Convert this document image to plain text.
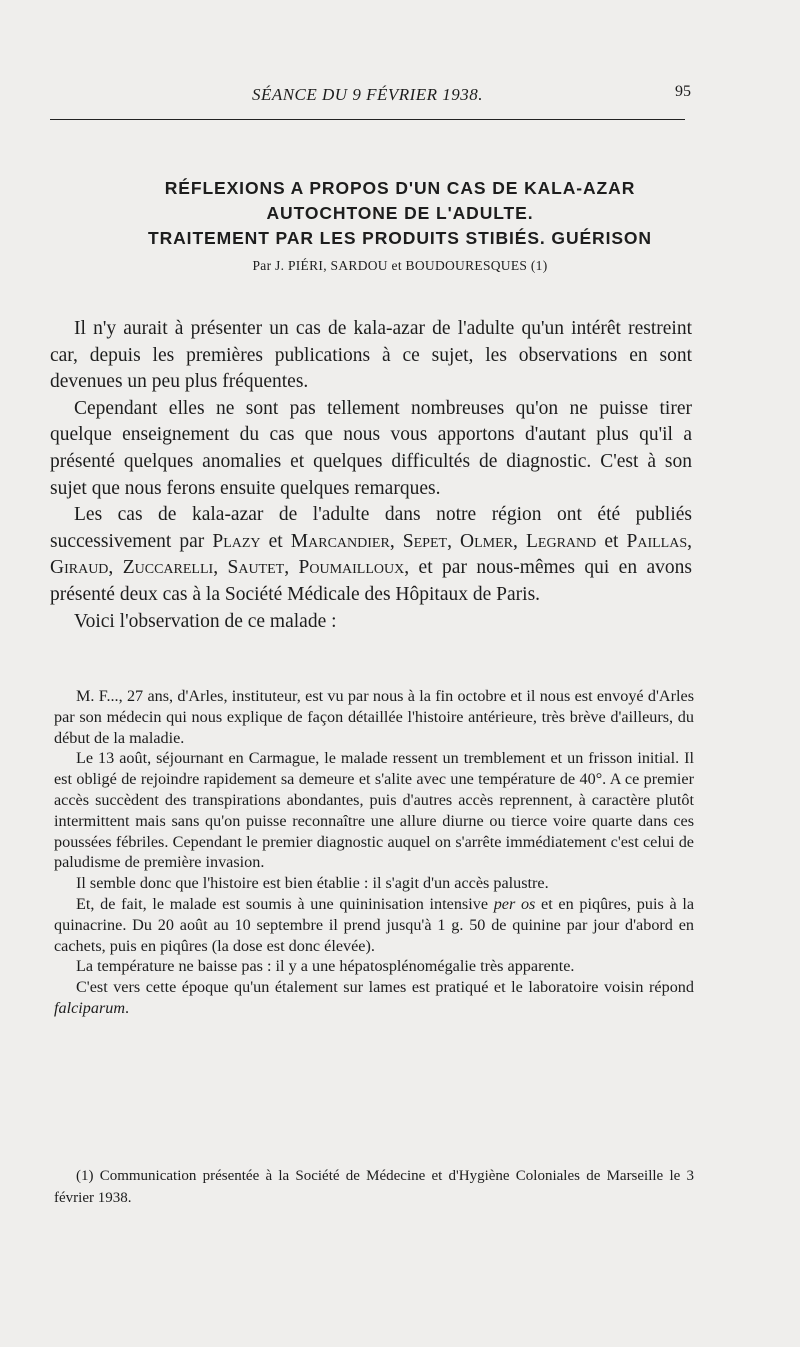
SÉANCE DU 9 FÉVRIER 1938.	95
RÉFLEXIONS A PROPOS D'UN CAS DE KALA-AZAR
AUTOCHTONE DE L'ADULTE.
TRAITEMENT PAR LES PRODUITS STIBIÉS. GUÉRISON
Par J. PIÉRI, SARDOU et BOUDOURESQUES (1)

Il n'y aurait à présenter un cas de kala-azar de l'adulte qu'un intérêt restreint car, depuis les premières publications à ce sujet, les observations en sont devenues un peu plus fréquentes.

Cependant elles ne sont pas tellement nombreuses qu'on ne puisse tirer quelque enseignement du cas que nous vous apportons d'autant plus qu'il a présenté quelques anomalies et quelques difficultés de diagnostic. C'est à son sujet que nous ferons ensuite quelques remarques.

Les cas de kala-azar de l'adulte dans notre région ont été publiés successivement par Plazy et Marcandier, Sepet, Olmer, Legrand et Paillas, Giraud, Zuccarelli, Sautet, Poumailloux, et par nous-mêmes qui en avons présenté deux cas à la Société Médicale des Hôpitaux de Paris.

Voici l'observation de ce malade :

M. F..., 27 ans, d'Arles, instituteur, est vu par nous à la fin octobre et il nous est envoyé d'Arles par son médecin qui nous explique de façon détaillée l'histoire antérieure, très brève d'ailleurs, du début de la maladie.

Le 13 août, séjournant en Carmague, le malade ressent un tremblement et un frisson initial. Il est obligé de rejoindre rapidement sa demeure et s'alite avec une température de 40°. A ce premier accès succèdent des transpirations abondantes, puis d'autres accès reprennent, à caractère plutôt intermittent mais sans qu'on puisse reconnaître une allure diurne ou tierce voire quarte dans ces poussées fébriles. Cependant le premier diagnostic auquel on s'arrête immédiatement c'est celui de paludisme de première invasion.

Il semble donc que l'histoire est bien établie : il s'agit d'un accès palustre.

Et, de fait, le malade est soumis à une quininisation intensive per os et en piqûres, puis à la quinacrine. Du 20 août au 10 septembre il prend jusqu'à 1 g. 50 de quinine par jour d'abord en cachets, puis en piqûres (la dose est donc élevée).

La température ne baisse pas : il y a une hépatosplénomégalie très apparente.

C'est vers cette époque qu'un étalement sur lames est pratiqué et le laboratoire voisin répond falciparum.

(1) Communication présentée à la Société de Médecine et d'Hygiène Coloniales de Marseille le 3 février 1938.
